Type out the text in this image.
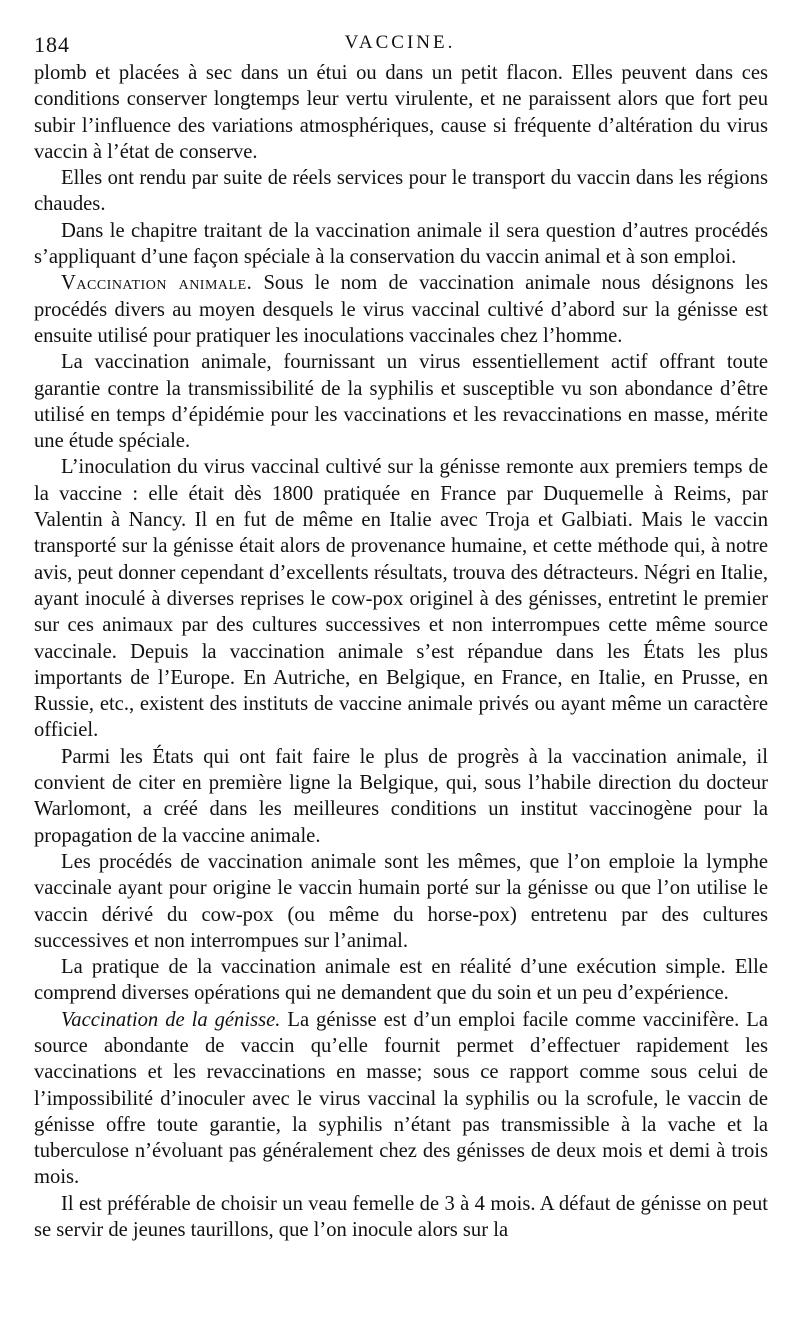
184	VACCINE.

plomb et placées à sec dans un étui ou dans un petit flacon. Elles peuvent dans ces conditions conserver longtemps leur vertu virulente, et ne paraissent alors que fort peu subir l’influence des variations atmosphériques, cause si fréquente d’altération du virus vaccin à l’état de conserve.

Elles ont rendu par suite de réels services pour le transport du vaccin dans les régions chaudes.

Dans le chapitre traitant de la vaccination animale il sera question d’autres procédés s’appliquant d’une façon spéciale à la conservation du vaccin animal et à son emploi.

Vaccination animale. Sous le nom de vaccination animale nous désignons les procédés divers au moyen desquels le virus vaccinal cultivé d’abord sur la génisse est ensuite utilisé pour pratiquer les inoculations vaccinales chez l’homme.

La vaccination animale, fournissant un virus essentiellement actif offrant toute garantie contre la transmissibilité de la syphilis et susceptible vu son abondance d’être utilisé en temps d’épidémie pour les vaccinations et les revaccinations en masse, mérite une étude spéciale.

L’inoculation du virus vaccinal cultivé sur la génisse remonte aux premiers temps de la vaccine : elle était dès 1800 pratiquée en France par Duquemelle à Reims, par Valentin à Nancy. Il en fut de même en Italie avec Troja et Galbiati. Mais le vaccin transporté sur la génisse était alors de provenance humaine, et cette méthode qui, à notre avis, peut donner cependant d’excellents résultats, trouva des détracteurs. Négri en Italie, ayant inoculé à diverses reprises le cow-pox originel à des génisses, entretint le premier sur ces animaux par des cultures successives et non interrompues cette même source vaccinale. Depuis la vaccination animale s’est répandue dans les États les plus importants de l’Europe. En Autriche, en Belgique, en France, en Italie, en Prusse, en Russie, etc., existent des instituts de vaccine animale privés ou ayant même un caractère officiel.

Parmi les États qui ont fait faire le plus de progrès à la vaccination animale, il convient de citer en première ligne la Belgique, qui, sous l’habile direction du docteur Warlomont, a créé dans les meilleures conditions un institut vaccinogène pour la propagation de la vaccine animale.

Les procédés de vaccination animale sont les mêmes, que l’on emploie la lymphe vaccinale ayant pour origine le vaccin humain porté sur la génisse ou que l’on utilise le vaccin dérivé du cow-pox (ou même du horse-pox) entretenu par des cultures successives et non interrompues sur l’animal.

La pratique de la vaccination animale est en réalité d’une exécution simple. Elle comprend diverses opérations qui ne demandent que du soin et un peu d’expérience.

Vaccination de la génisse. La génisse est d’un emploi facile comme vaccinifère. La source abondante de vaccin qu’elle fournit permet d’effectuer rapidement les vaccinations et les revaccinations en masse; sous ce rapport comme sous celui de l’impossibilité d’inoculer avec le virus vaccinal la syphilis ou la scrofule, le vaccin de génisse offre toute garantie, la syphilis n’étant pas transmissible à la vache et la tuberculose n’évoluant pas généralement chez des génisses de deux mois et demi à trois mois.

Il est préférable de choisir un veau femelle de 3 à 4 mois. A défaut de génisse on peut se servir de jeunes taurillons, que l’on inocule alors sur la
